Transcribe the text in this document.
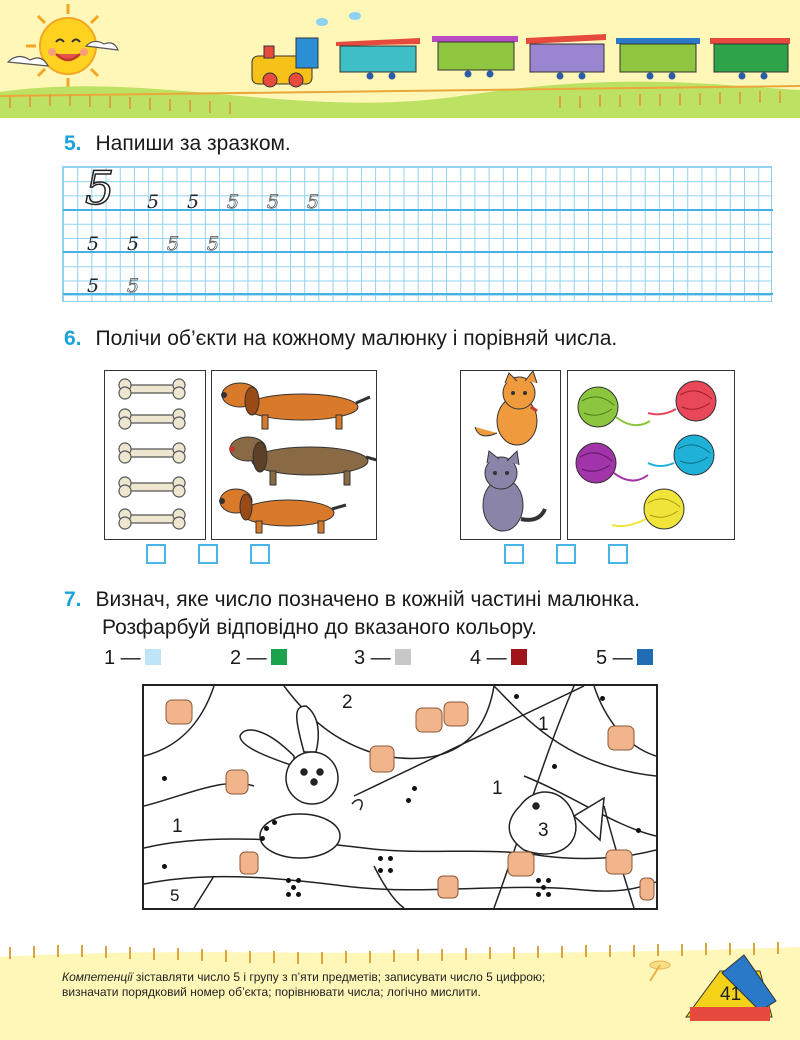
5. Напиши за зразком.
5 5 5 5 5 5
5 5 5 5
5 5
6. Полічи об’єкти на кожному малюнку і порівняй числа.
7. Визнач, яке число позначено в кожній частині малюнка.
Розфарбуй відповідно до вказаного кольору.
1 —	2 —	3 —	4 —	5 —
2
1
1
1	3
5
Компетенції зіставляти число 5 і групу з п’яти предметів; записувати число 5 цифрою; визначати порядковий номер об’єкта; порівнювати числа; логічно мислити.	41
